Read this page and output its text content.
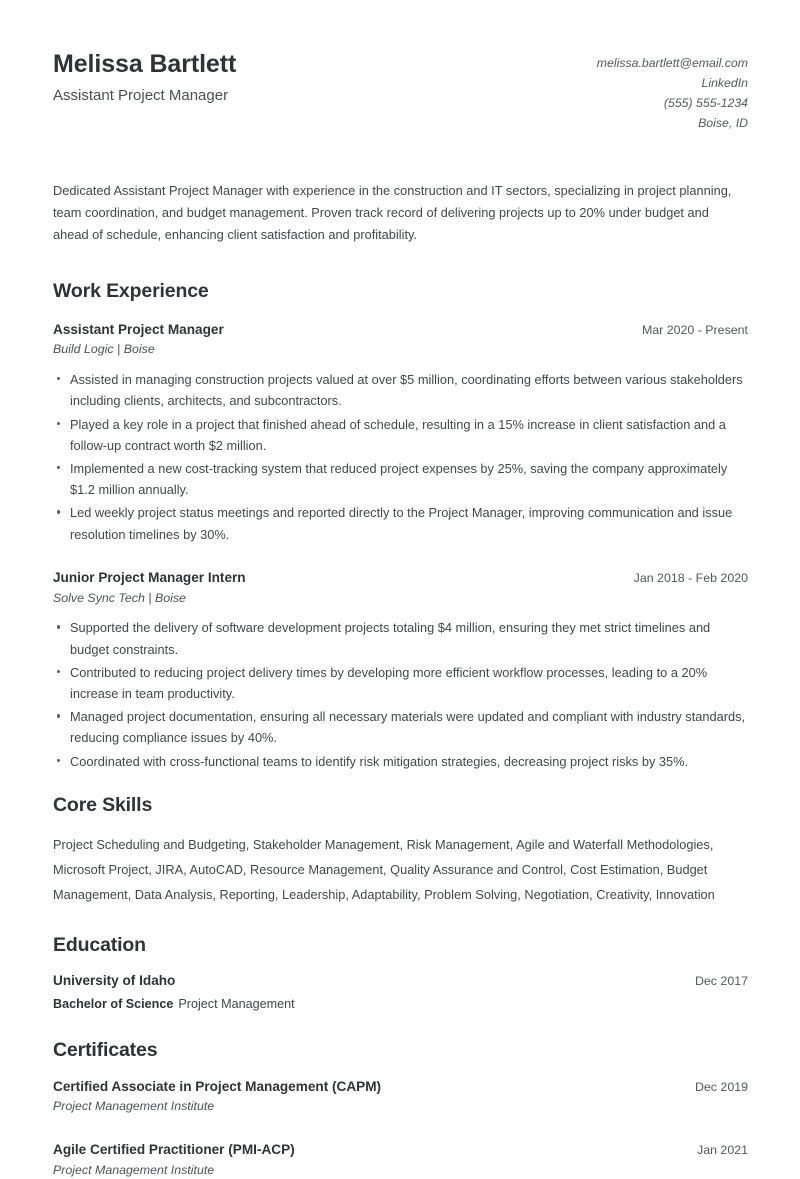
Melissa Bartlett
Assistant Project Manager
melissa.bartlett@email.com
LinkedIn
(555) 555-1234
Boise, ID

Dedicated Assistant Project Manager with experience in the construction and IT sectors, specializing in project planning, team coordination, and budget management. Proven track record of delivering projects up to 20% under budget and ahead of schedule, enhancing client satisfaction and profitability.

Work Experience
Assistant Project Manager	Mar 2020 - Present
Build Logic | Boise
Assisted in managing construction projects valued at over $5 million, coordinating efforts between various stakeholders including clients, architects, and subcontractors.
Played a key role in a project that finished ahead of schedule, resulting in a 15% increase in client satisfaction and a follow-up contract worth $2 million.
Implemented a new cost-tracking system that reduced project expenses by 25%, saving the company approximately $1.2 million annually.
Led weekly project status meetings and reported directly to the Project Manager, improving communication and issue resolution timelines by 30%.
Junior Project Manager Intern	Jan 2018 - Feb 2020
Solve Sync Tech | Boise
Supported the delivery of software development projects totaling $4 million, ensuring they met strict timelines and budget constraints.
Contributed to reducing project delivery times by developing more efficient workflow processes, leading to a 20% increase in team productivity.
Managed project documentation, ensuring all necessary materials were updated and compliant with industry standards, reducing compliance issues by 40%.
Coordinated with cross-functional teams to identify risk mitigation strategies, decreasing project risks by 35%.
Core Skills

Project Scheduling and Budgeting, Stakeholder Management, Risk Management, Agile and Waterfall Methodologies, Microsoft Project, JIRA, AutoCAD, Resource Management, Quality Assurance and Control, Cost Estimation, Budget Management, Data Analysis, Reporting, Leadership, Adaptability, Problem Solving, Negotiation, Creativity, Innovation

Education
University of Idaho	Dec 2017
Bachelor of Science Project Management
Certificates
Certified Associate in Project Management (CAPM)	Dec 2019
Project Management Institute
Agile Certified Practitioner (PMI-ACP)	Jan 2021
Project Management Institute
